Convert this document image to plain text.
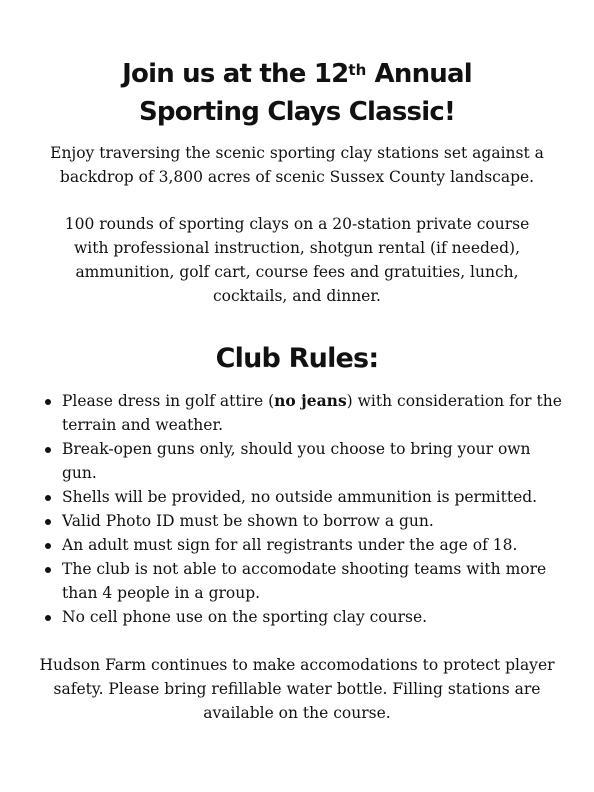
Join us at the 12th Annual
Sporting Clays Classic!

Enjoy traversing the scenic sporting clay stations set against a backdrop of 3,800 acres of scenic Sussex County landscape.

100 rounds of sporting clays on a 20-station private course with professional instruction, shotgun rental (if needed), ammunition, golf cart, course fees and gratuities, lunch, cocktails, and dinner.

Club Rules:
Please dress in golf attire (no jeans) with consideration for the terrain and weather.
Break-open guns only, should you choose to bring your own gun.
Shells will be provided, no outside ammunition is permitted.
Valid Photo ID must be shown to borrow a gun.
An adult must sign for all registrants under the age of 18.
The club is not able to accomodate shooting teams with more than 4 people in a group.
No cell phone use on the sporting clay course.

Hudson Farm continues to make accomodations to protect player safety. Please bring refillable water bottle. Filling stations are available on the course.
